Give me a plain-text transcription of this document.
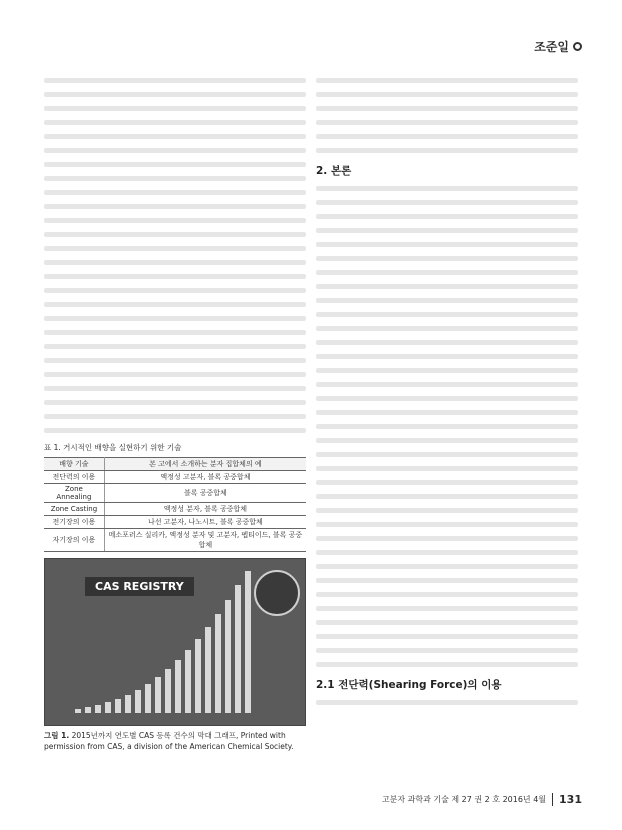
조준일
표 1. 거시적인 배향을 실현하기 위한 기술
배향 기술	본 고에서 소개하는 분자 집합체의 예
전단력의 이용	액정성 고분자, 블록 공중합체
Zone Annealing	블록 공중합체
Zone Casting	액정성 분자, 블록 공중합체
전기장의 이용	나선 고분자, 나노시트, 블록 공중합체
자기장의 이용	메소포러스 실리카, 액정성 분자 및 고분자, 펩티이드, 블록 공중합체
CAS REGISTRY
그림 1. 2015년까지 연도별 CAS 등록 건수의 막대 그래프, Printed with permission from CAS, a division of the American Chemical Society.
2. 본론
2.1 전단력(Shearing Force)의 이용
고분자 과학과 기술 제 27 권 2 호 2016년 4월	131
